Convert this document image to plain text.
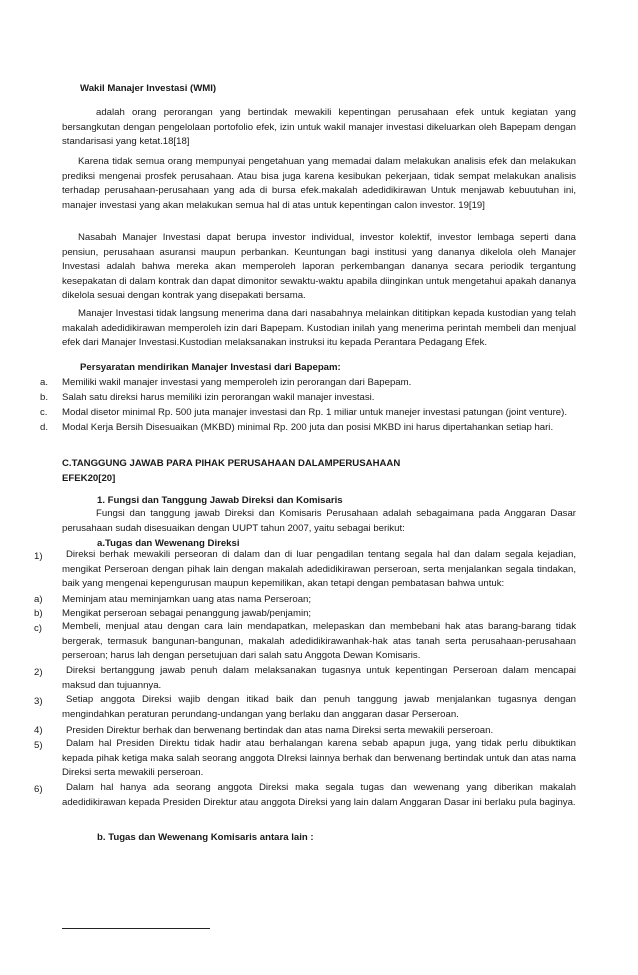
Wakil Manajer Investasi (WMI)
adalah orang perorangan yang bertindak mewakili kepentingan perusahaan efek untuk kegiatan yang bersangkutan dengan pengelolaan portofolio efek, izin untuk wakil manajer investasi dikeluarkan oleh Bapepam dengan standarisasi yang ketat.18[18]
Karena tidak semua orang mempunyai pengetahuan yang memadai dalam melakukan analisis efek dan melakukan prediksi mengenai prosfek perusahaan. Atau bisa juga karena kesibukan pekerjaan, tidak sempat melakukan analisis terhadap perusahaan-perusahaan yang ada di bursa efek.makalah adedidikirawan Untuk menjawab kebuutuhan ini, manajer investasi yang akan melakukan semua hal di atas untuk kepentingan calon investor. 19[19]
Nasabah Manajer Investasi dapat berupa investor individual, investor kolektif, investor lembaga seperti dana pensiun, perusahaan asuransi maupun perbankan. Keuntungan bagi institusi yang dananya dikelola oleh Manajer Investasi adalah bahwa mereka akan memperoleh laporan perkembangan dananya secara periodik tergantung kesepakatan di dalam kontrak dan dapat dimonitor sewaktu-waktu apabila diinginkan untuk mengetahui apakah dananya dikelola sesuai dengan kontrak yang disepakati bersama.
Manajer Investasi tidak langsung menerima dana dari nasabahnya melainkan dititipkan kepada kustodian yang telah makalah adedidikirawan memperoleh izin dari Bapepam. Kustodian inilah yang menerima perintah membeli dan menjual efek dari Manajer Investasi.Kustodian melaksanakan instruksi itu kepada Perantara Pedagang Efek.
Persyaratan mendirikan Manajer Investasi dari Bapepam:
a. Memiliki wakil manajer investasi yang memperoleh izin perorangan dari Bapepam.
b. Salah satu direksi harus memiliki izin perorangan wakil manajer investasi.
c. Modal disetor minimal Rp. 500 juta manajer investasi dan Rp. 1 miliar untuk manejer investasi patungan (joint venture).
d. Modal Kerja Bersih Disesuaikan (MKBD) minimal Rp. 200 juta dan posisi MKBD ini harus dipertahankan setiap hari.
C.TANGGUNG JAWAB PARA PIHAK PERUSAHAAN DALAMPERUSAHAAN
EFEK20[20]
1. Fungsi dan Tanggung Jawab Direksi dan Komisaris
Fungsi dan tanggung jawab Direksi dan Komisaris Perusahaan adalah sebagaimana pada Anggaran Dasar perusahaan sudah disesuaikan dengan UUPT tahun 2007, yaitu sebagai berikut:
a.Tugas dan Wewenang Direksi
1)	Direksi berhak mewakili perseoran di dalam dan di luar pengadilan tentang segala hal dan dalam segala kejadian, mengikat Perseroan dengan pihak lain dengan makalah adedidikirawan perseroan, serta menjalankan segala tindakan, baik yang mengenai kepengurusan maupun kepemilikan, akan tetapi dengan pembatasan bahwa untuk:
a) Meminjam atau meminjamkan uang atas nama Perseroan;
b) Mengikat perseroan sebagai penanggung jawab/penjamin;
c) Membeli, menjual atau dengan cara lain mendapatkan, melepaskan dan membebani hak atas barang-barang tidak bergerak, termasuk bangunan-bangunan, makalah adedidikirawanhak-hak atas tanah serta perusahaan-perusahaan perseroan; harus lah dengan persetujuan dari salah satu Anggota Dewan Komisaris.
2)	Direksi bertanggung jawab penuh dalam melaksanakan tugasnya untuk kepentingan Perseroan dalam mencapai maksud dan tujuannya.
3)	Setiap anggota Direksi wajib dengan itikad baik dan penuh tanggung jawab menjalankan tugasnya dengan mengindahkan peraturan perundang-undangan yang berlaku dan anggaran dasar Perseroan.
4) Presiden Direktur berhak dan berwenang bertindak dan atas nama Direksi serta mewakili perseroan.
5)	Dalam hal Presiden Direktu tidak hadir atau berhalangan karena sebab apapun juga, yang tidak perlu dibuktikan kepada pihak ketiga maka salah seorang anggota DIreksi lainnya berhak dan berwenang bertindak untuk dan atas nama Direksi serta mewakili perseroan.
6)	Dalam hal hanya ada seorang anggota Direksi maka segala tugas dan wewenang yang diberikan makalah adedidikirawan kepada Presiden Direktur atau anggota Direksi yang lain dalam Anggaran Dasar ini berlaku pula baginya.
b. Tugas dan Wewenang Komisaris antara lain :
